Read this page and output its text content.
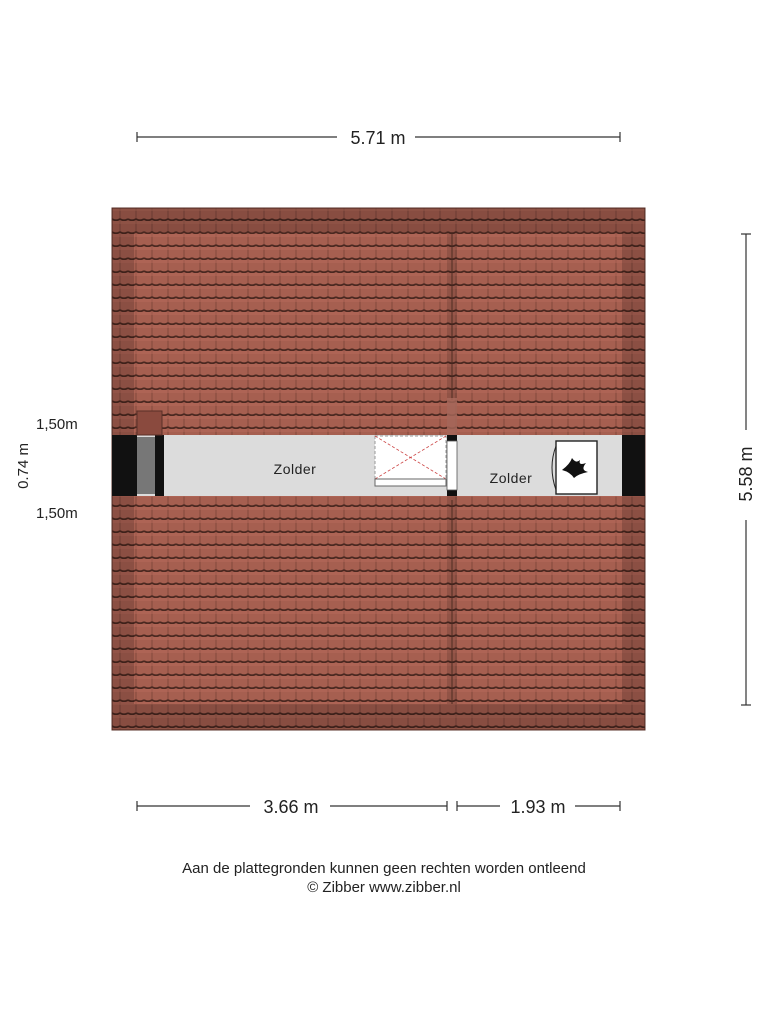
5.71 m
5.58 m
1,50m
0.74 m
1,50m
Zolder
Zolder
3.66 m	1.93 m
Aan de plattegronden kunnen geen rechten worden ontleend
© Zibber www.zibber.nl
